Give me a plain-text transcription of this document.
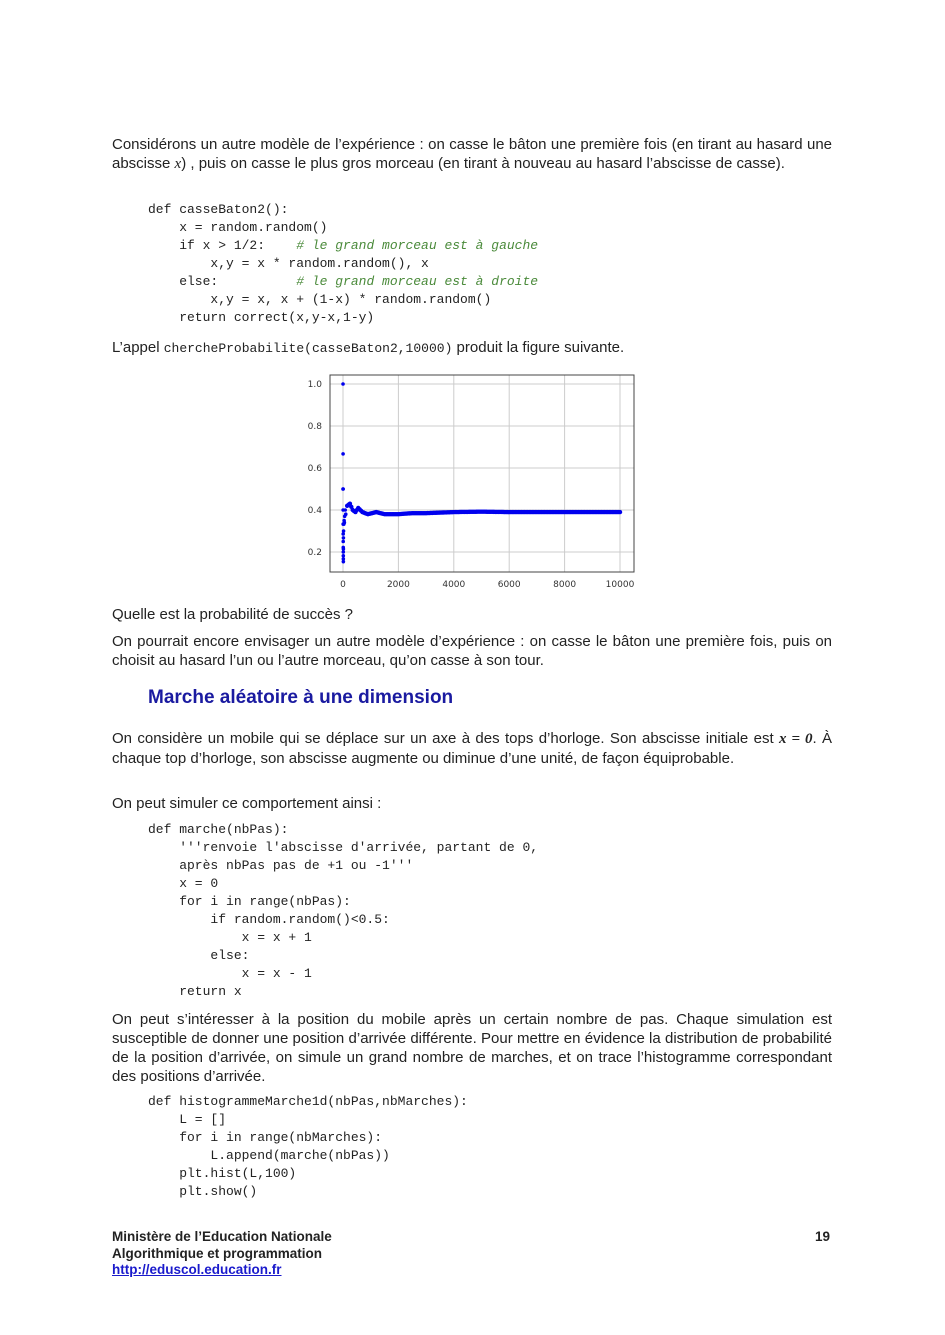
Considérons un autre modèle de l’expérience : on casse le bâton une première fois (en tirant au hasard une abscisse x) , puis on casse le plus gros morceau (en tirant à nouveau au hasard l’abscisse de casse).
def casseBaton2():
x = random.random()
if x > 1/2:    # le grand morceau est à gauche
x,y = x * random.random(), x
else:          # le grand morceau est à droite
x,y = x, x + (1-x) * random.random()
return correct(x,y-x,1-y)
L’appel chercheProbabilite(casseBaton2,10000) produit la figure suivante.
0	2000	4000	6000	8000	10000
0.2
0.4
0.6
0.8
1.0
Quelle est la probabilité de succès ?
On pourrait encore envisager un autre modèle d’expérience : on casse le bâton une première fois, puis on choisit au hasard l’un ou l’autre morceau, qu’on casse à son tour.
Marche aléatoire à une dimension
On considère un mobile qui se déplace sur un axe à des tops d’horloge. Son abscisse initiale est x = 0. À chaque top d’horloge, son abscisse augmente ou diminue d’une unité, de façon équiprobable.
On peut simuler ce comportement ainsi :
def marche(nbPas):
'''renvoie l'abscisse d'arrivée, partant de 0,
après nbPas pas de +1 ou -1'''
x = 0
for i in range(nbPas):
if random.random()<0.5:
x = x + 1
else:
x = x - 1
return x
On peut s’intéresser à la position du mobile après un certain nombre de pas. Chaque simulation est susceptible de donner une position d’arrivée différente. Pour mettre en évidence la distribution de probabilité de la position d’arrivée, on simule un grand nombre de marches, et on trace l’histogramme correspondant des positions d’arrivée.
def histogrammeMarche1d(nbPas,nbMarches):
L = []
for i in range(nbMarches):
L.append(marche(nbPas))
plt.hist(L,100)
plt.show()
Ministère de l’Education Nationale
Algorithmique et programmation
http://eduscol.education.fr
19
